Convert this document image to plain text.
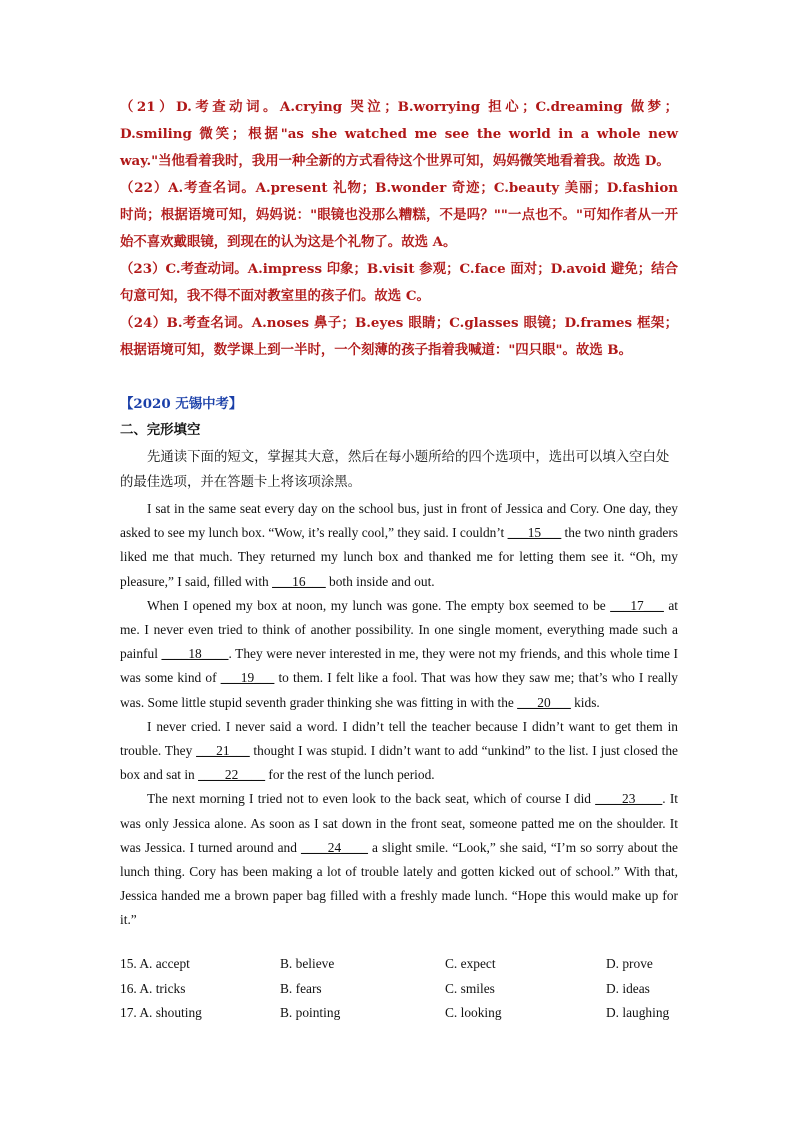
（21）D.考查动词。A.crying 哭泣；B.worrying 担心；C.dreaming 做梦；D.smiling 微笑；根据"as she watched me see the world in a whole new way."当他看着我时，我用一种全新的方式看待这个世界可知，妈妈微笑地看着我。故选 D。

（22）A.考查名词。A.present 礼物；B.wonder 奇迹；C.beauty 美丽；D.fashion 时尚；根据语境可知，妈妈说："眼镜也没那么糟糕，不是吗？""一点也不。"可知作者从一开始不喜欢戴眼镜，到现在的认为这是个礼物了。故选 A。

（23）C.考查动词。A.impress 印象；B.visit 参观；C.face 面对；D.avoid 避免；结合句意可知，我不得不面对教室里的孩子们。故选 C。

（24）B.考查名词。A.noses 鼻子；B.eyes 眼睛；C.glasses 眼镜；D.frames 框架；根据语境可知，数学课上到一半时，一个刻薄的孩子指着我喊道："四只眼"。故选 B。

【2020 无锡中考】
二、完形填空

先通读下面的短文，掌握其大意，然后在每小题所给的四个选项中，选出可以填入空白处的最佳选项，并在答题卡上将该项涂黑。

I sat in the same seat every day on the school bus, just in front of Jessica and Cory. One day, they asked to see my lunch box. “Wow, it’s really cool,” they said. I couldn’t ___15___ the two ninth graders liked me that much. They returned my lunch box and thanked me for letting them see it. “Oh, my pleasure,” I said, filled with ___16___ both inside and out.

When I opened my box at noon, my lunch was gone. The empty box seemed to be ___17___ at me. I never even tried to think of another possibility. In one single moment, everything made such a painful ____18____. They were never interested in me, they were not my friends, and this whole time I was some kind of ___19___ to them. I felt like a fool. That was how they saw me; that’s who I really was. Some little stupid seventh grader thinking she was fitting in with the ___20___ kids.

I never cried. I never said a word. I didn’t tell the teacher because I didn’t want to get them in trouble. They ___21___ thought I was stupid. I didn’t want to add “unkind” to the list. I just closed the box and sat in ____22____ for the rest of the lunch period.

The next morning I tried not to even look to the back seat, which of course I did ____23____. It was only Jessica alone. As soon as I sat down in the front seat, someone patted me on the shoulder. It was Jessica. I turned around and ____24____ a slight smile. “Look,” she said, “I’m so sorry about the lunch thing. Cory has been making a lot of trouble lately and gotten kicked out of school.” With that, Jessica handed me a brown paper bag filled with a freshly made lunch. “Hope this would make up for it.”

15. A. accept	B. believe	C. expect	D. prove
16. A. tricks	B. fears	C. smiles	D. ideas
17. A. shouting	B. pointing	C. looking	D. laughing
